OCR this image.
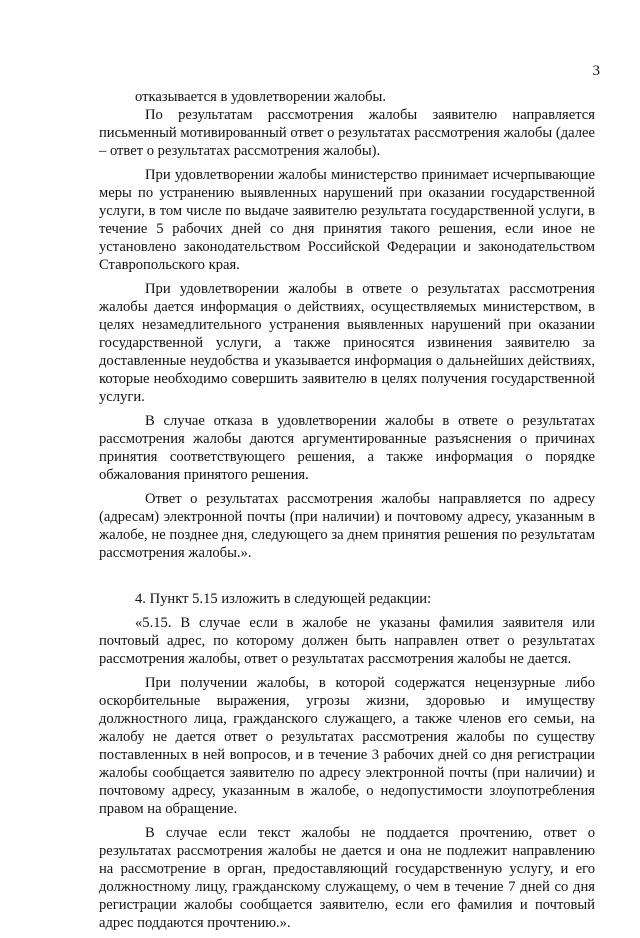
3

отказывается в удовлетворении жалобы.

По результатам рассмотрения жалобы заявителю направляется письменный мотивированный ответ о результатах рассмотрения жалобы (далее – ответ о результатах рассмотрения жалобы).

При удовлетворении жалобы министерство принимает исчерпывающие меры по устранению выявленных нарушений при оказании государственной услуги, в том числе по выдаче заявителю результата государственной услуги, в течение 5 рабочих дней со дня принятия такого решения, если иное не установлено законодательством Российской Федерации и законодательством Ставропольского края.

При удовлетворении жалобы в ответе о результатах рассмотрения жалобы дается информация о действиях, осуществляемых министерством, в целях незамедлительного устранения выявленных нарушений при оказании государственной услуги, а также приносятся извинения заявителю за доставленные неудобства и указывается информация о дальнейших действиях, которые необходимо совершить заявителю в целях получения государственной услуги.

В случае отказа в удовлетворении жалобы в ответе о результатах рассмотрения жалобы даются аргументированные разъяснения о причинах принятия соответствующего решения, а также информация о порядке обжалования принятого решения.

Ответ о результатах рассмотрения жалобы направляется по адресу (адресам) электронной почты (при наличии) и почтовому адресу, указанным в жалобе, не позднее дня, следующего за днем принятия решения по результатам рассмотрения жалобы.».

4. Пункт 5.15 изложить в следующей редакции:

«5.15. В случае если в жалобе не указаны фамилия заявителя или почтовый адрес, по которому должен быть направлен ответ о результатах рассмотрения жалобы, ответ о результатах рассмотрения жалобы не дается.

При получении жалобы, в которой содержатся нецензурные либо оскорбительные выражения, угрозы жизни, здоровью и имуществу должностного лица, гражданского служащего, а также членов его семьи, на жалобу не дается ответ о результатах рассмотрения жалобы по существу поставленных в ней вопросов, и в течение 3 рабочих дней со дня регистрации жалобы сообщается заявителю по адресу электронной почты (при наличии) и почтовому адресу, указанным в жалобе, о недопустимости злоупотребления правом на обращение.

В случае если текст жалобы не поддается прочтению, ответ о результатах рассмотрения жалобы не дается и она не подлежит направлению на рассмотрение в орган, предоставляющий государственную услугу, и его должностному лицу, гражданскому служащему, о чем в течение 7 дней со дня регистрации жалобы сообщается заявителю, если его фамилия и почтовый адрес поддаются прочтению.».
